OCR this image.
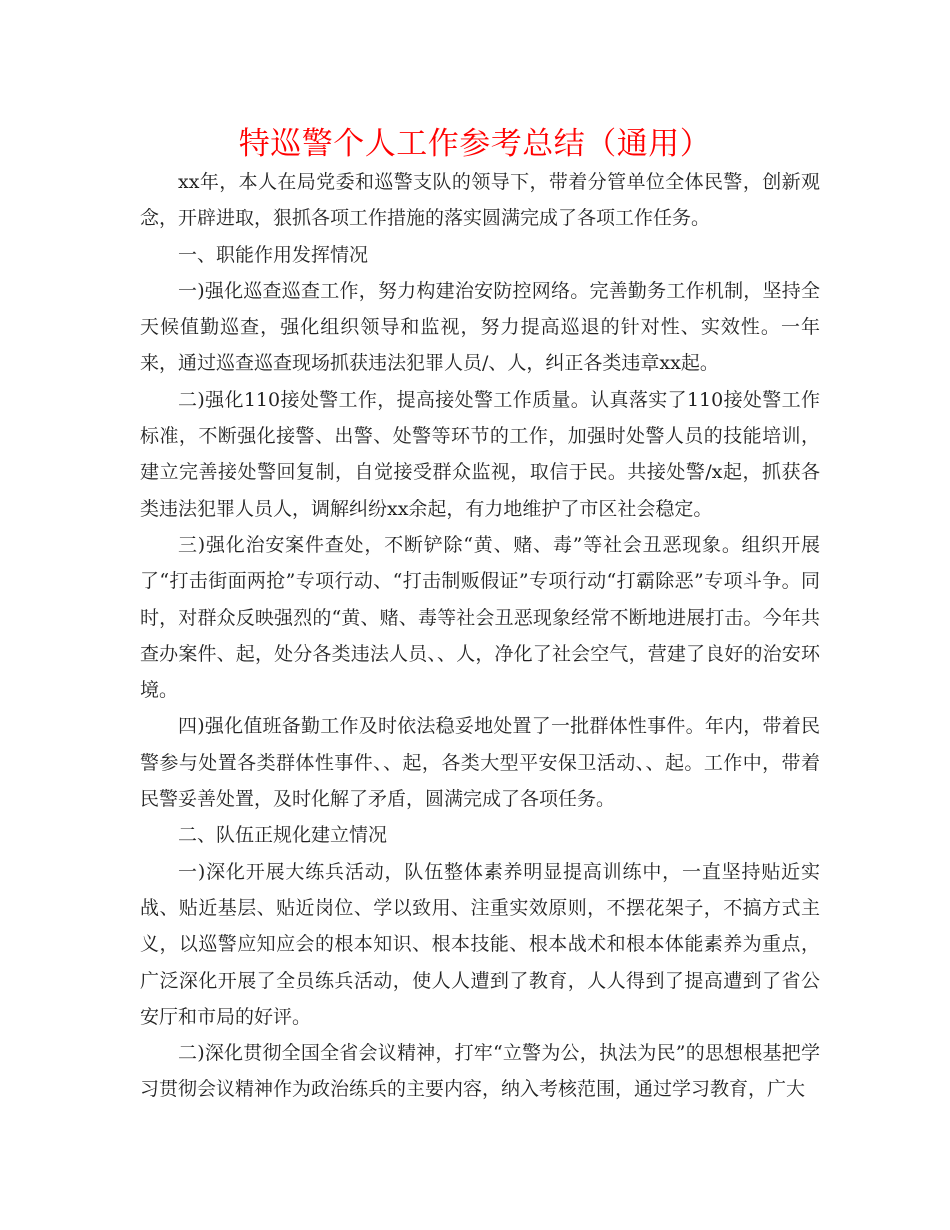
特巡警个人工作参考总结（通用）

xx年，本人在局党委和巡警支队的领导下，带着分管单位全体民警，创新观念，开辟进取，狠抓各项工作措施的落实圆满完成了各项工作任务。

一、职能作用发挥情况

一)强化巡查巡查工作，努力构建治安防控网络。完善勤务工作机制，坚持全天候值勤巡查，强化组织领导和监视，努力提高巡退的针对性、实效性。一年来，通过巡查巡查现场抓获违法犯罪人员/、人，纠正各类违章xx起。

二)强化110接处警工作，提高接处警工作质量。认真落实了110接处警工作标准，不断强化接警、出警、处警等环节的工作，加强时处警人员的技能培训，建立完善接处警回复制，自觉接受群众监视，取信于民。共接处警/x起，抓获各类违法犯罪人员人，调解纠纷xx余起，有力地维护了市区社会稳定。

三)强化治安案件查处，不断铲除“黄、赌、毒”等社会丑恶现象。组织开展了“打击街面两抢”专项行动、“打击制贩假证”专项行动“打霸除恶”专项斗争。同时，对群众反映强烈的“黄、赌、毒等社会丑恶现象经常不断地进展打击。今年共查办案件、起，处分各类违法人员、、人，净化了社会空气，营建了良好的治安环境。

四)强化值班备勤工作及时依法稳妥地处置了一批群体性事件。年内，带着民警参与处置各类群体性事件、、起，各类大型平安保卫活动、、起。工作中，带着民警妥善处置，及时化解了矛盾，圆满完成了各项任务。

二、队伍正规化建立情况

一)深化开展大练兵活动，队伍整体素养明显提高训练中，一直坚持贴近实战、贴近基层、贴近岗位、学以致用、注重实效原则，不摆花架子，不搞方式主义，以巡警应知应会的根本知识、根本技能、根本战术和根本体能素养为重点，广泛深化开展了全员练兵活动，使人人遭到了教育，人人得到了提高遭到了省公安厅和市局的好评。

二)深化贯彻全国全省会议精神，打牢“立警为公，执法为民”的思想根基把学习贯彻会议精神作为政治练兵的主要内容，纳入考核范围，通过学习教育，广大
